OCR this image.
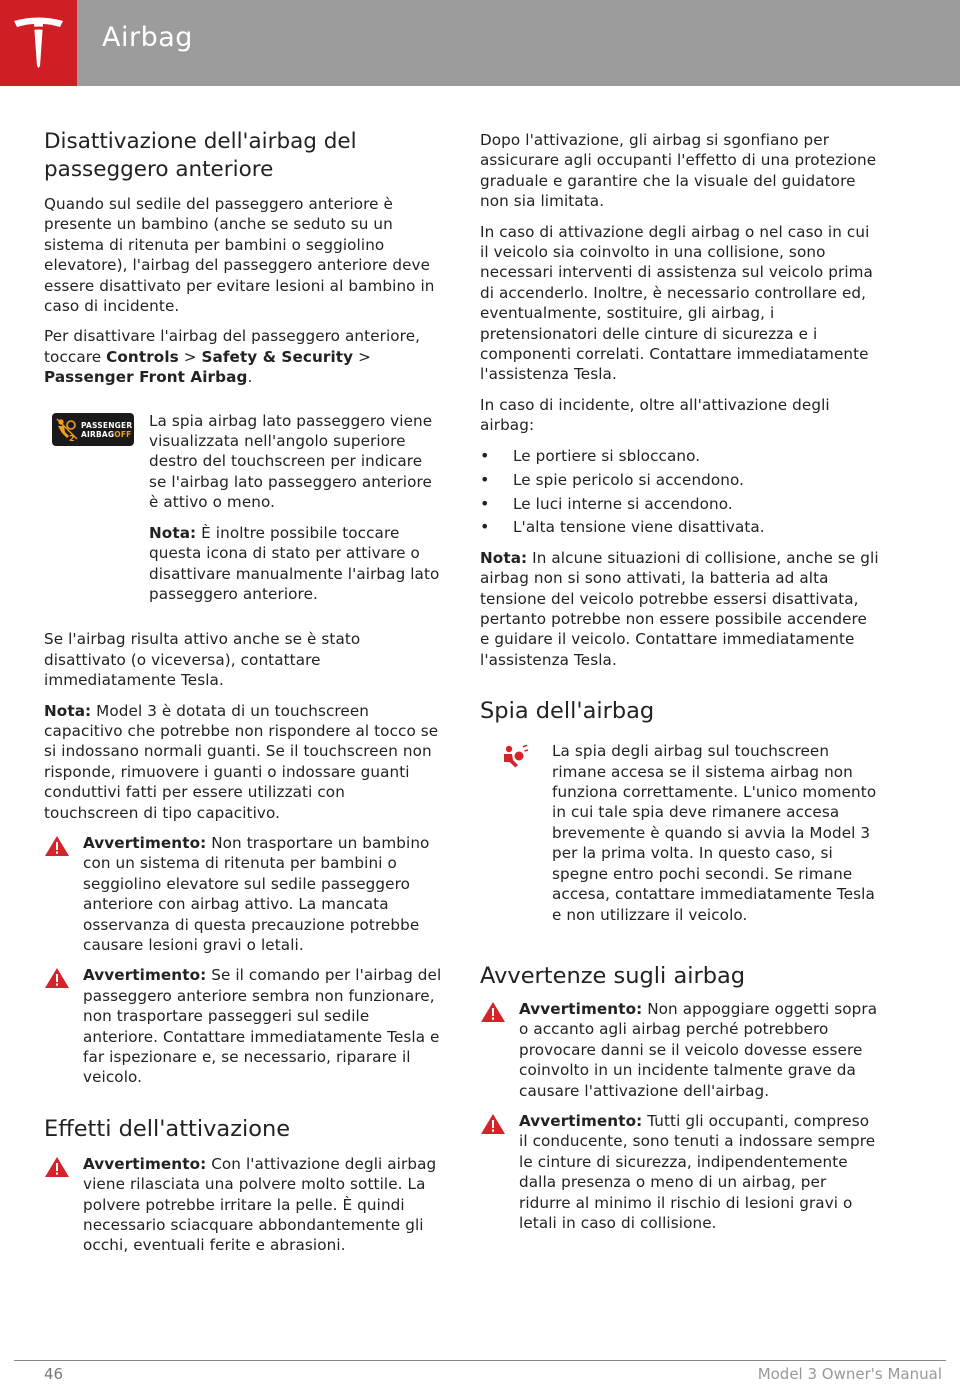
Airbag
Disattivazione dell'airbag del passeggero anteriore

Quando sul sedile del passeggero anteriore è presente un bambino (anche se seduto su un sistema di ritenuta per bambini o seggiolino elevatore), l'airbag del passeggero anteriore deve essere disattivato per evitare lesioni al bambino in caso di incidente.

Per disattivare l'airbag del passeggero anteriore, toccare Controls > Safety & Security > Passenger Front Airbag.

2
PASSENGER
AIRBAGOFF

La spia airbag lato passeggero viene visualizzata nell'angolo superiore destro del touchscreen per indicare se l'airbag lato passeggero anteriore è attivo o meno.

Nota: È inoltre possibile toccare questa icona di stato per attivare o disattivare manualmente l'airbag lato passeggero anteriore.

Se l'airbag risulta attivo anche se è stato disattivato (o viceversa), contattare immediatamente Tesla.

Nota: Model 3 è dotata di un touchscreen capacitivo che potrebbe non rispondere al tocco se si indossano normali guanti. Se il touchscreen non risponde, rimuovere i guanti o indossare guanti conduttivi fatti per essere utilizzati con touchscreen di tipo capacitivo.

Avvertimento: Non trasportare un bambino con un sistema di ritenuta per bambini o seggiolino elevatore sul sedile passeggero anteriore con airbag attivo. La mancata osservanza di questa precauzione potrebbe causare lesioni gravi o letali.

Avvertimento: Se il comando per l'airbag del passeggero anteriore sembra non funzionare, non trasportare passeggeri sul sedile anteriore. Contattare immediatamente Tesla e far ispezionare e, se necessario, riparare il veicolo.

Effetti dell'attivazione

Avvertimento: Con l'attivazione degli airbag viene rilasciata una polvere molto sottile. La polvere potrebbe irritare la pelle. È quindi necessario sciacquare abbondantemente gli occhi, eventuali ferite e abrasioni.

Dopo l'attivazione, gli airbag si sgonfiano per assicurare agli occupanti l'effetto di una protezione graduale e garantire che la visuale del guidatore non sia limitata.

In caso di attivazione degli airbag o nel caso in cui il veicolo sia coinvolto in una collisione, sono necessari interventi di assistenza sul veicolo prima di accenderlo. Inoltre, è necessario controllare ed, eventualmente, sostituire, gli airbag, i pretensionatori delle cinture di sicurezza e i componenti correlati. Contattare immediatamente l'assistenza Tesla.

In caso di incidente, oltre all'attivazione degli airbag:

• Le portiere si sbloccano.

• Le spie pericolo si accendono.

• Le luci interne si accendono.

• L'alta tensione viene disattivata.

Nota: In alcune situazioni di collisione, anche se gli airbag non si sono attivati, la batteria ad alta tensione del veicolo potrebbe essersi disattivata, pertanto potrebbe non essere possibile accendere e guidare il veicolo. Contattare immediatamente l'assistenza Tesla.

Spia dell'airbag

La spia degli airbag sul touchscreen rimane accesa se il sistema airbag non funziona correttamente. L'unico momento in cui tale spia deve rimanere accesa brevemente è quando si avvia la Model 3 per la prima volta. In questo caso, si spegne entro pochi secondi. Se rimane accesa, contattare immediatamente Tesla e non utilizzare il veicolo.

Avvertenze sugli airbag

Avvertimento: Non appoggiare oggetti sopra o accanto agli airbag perché potrebbero provocare danni se il veicolo dovesse essere coinvolto in un incidente talmente grave da causare l'attivazione dell'airbag.

Avvertimento: Tutti gli occupanti, compreso il conducente, sono tenuti a indossare sempre le cinture di sicurezza, indipendentemente dalla presenza o meno di un airbag, per ridurre al minimo il rischio di lesioni gravi o letali in caso di collisione.

46	Model 3 Owner's Manual
